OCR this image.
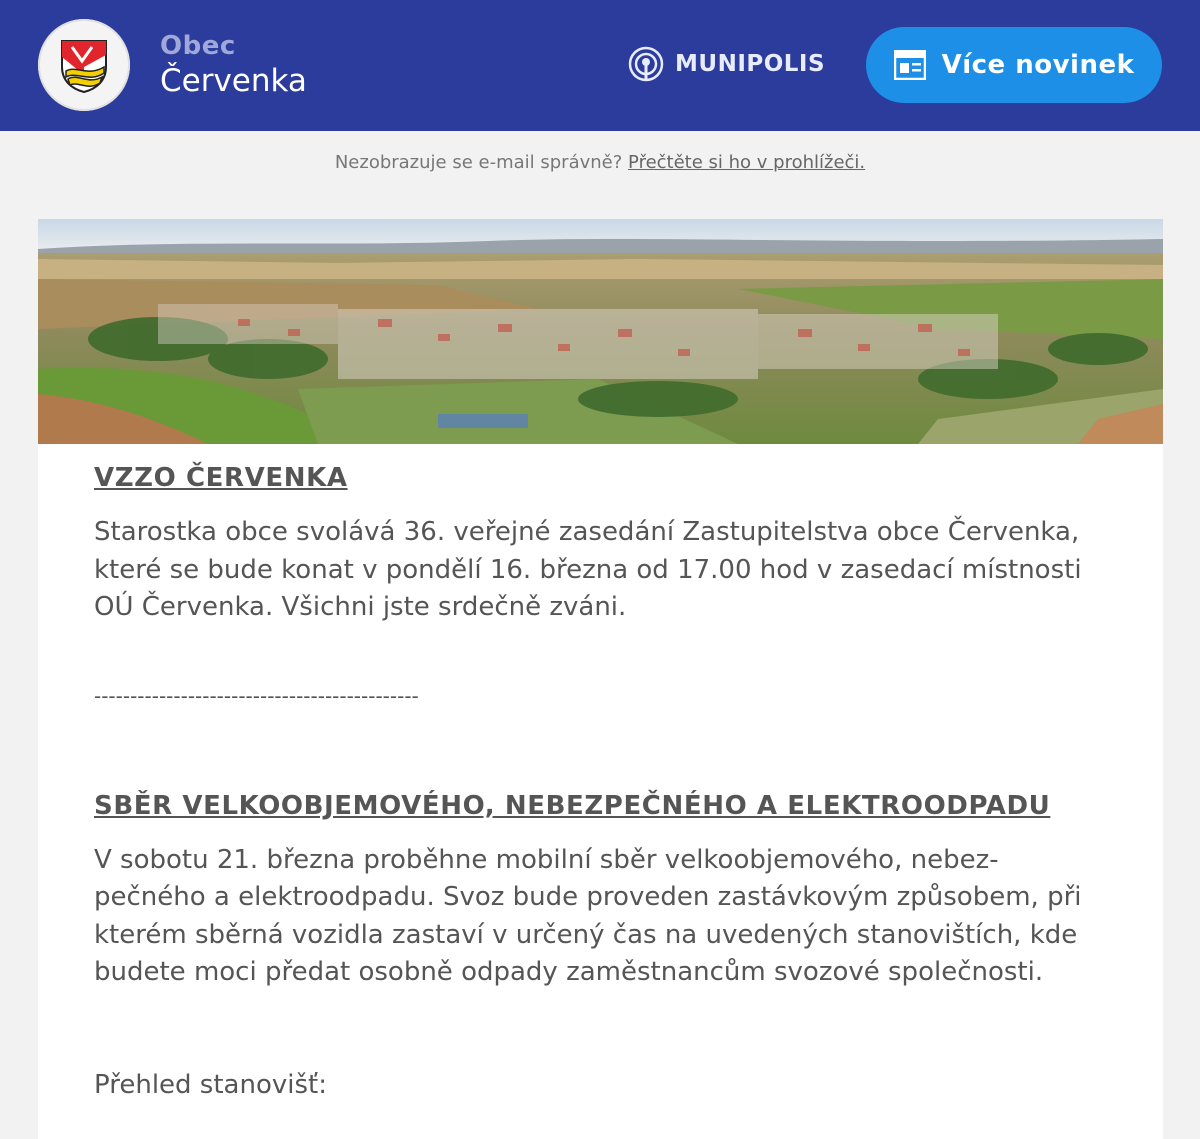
Obec
Červenka	MUNIPOLIS	Více novinek
Nezobrazuje se e-mail správně? Přečtěte si ho v prohlížeči.
VZZO ČERVENKA

Starostka obce svolává 36. veřejné zasedání Zastupitelstva obce Červenka, které se bude konat v pondělí 16. března od 17.00 hod v zasedací místnosti OÚ Červenka. Všichni jste srdečně zváni.

---------------------------------------------
SBĚR VELKOOBJEMOVÉHO, NEBEZPEČNÉHO A ELEKTROODPADU

V sobotu 21. března proběhne mobilní sběr velkoobjemového, nebez-pečného a elektroodpadu. Svoz bude proveden zastávkovým způsobem, při kterém sběrná vozidla zastaví v určený čas na uvedených stanovištích, kde budete moci předat osobně odpady zaměstnancům svozové společnosti.

Přehled stanovišť:
